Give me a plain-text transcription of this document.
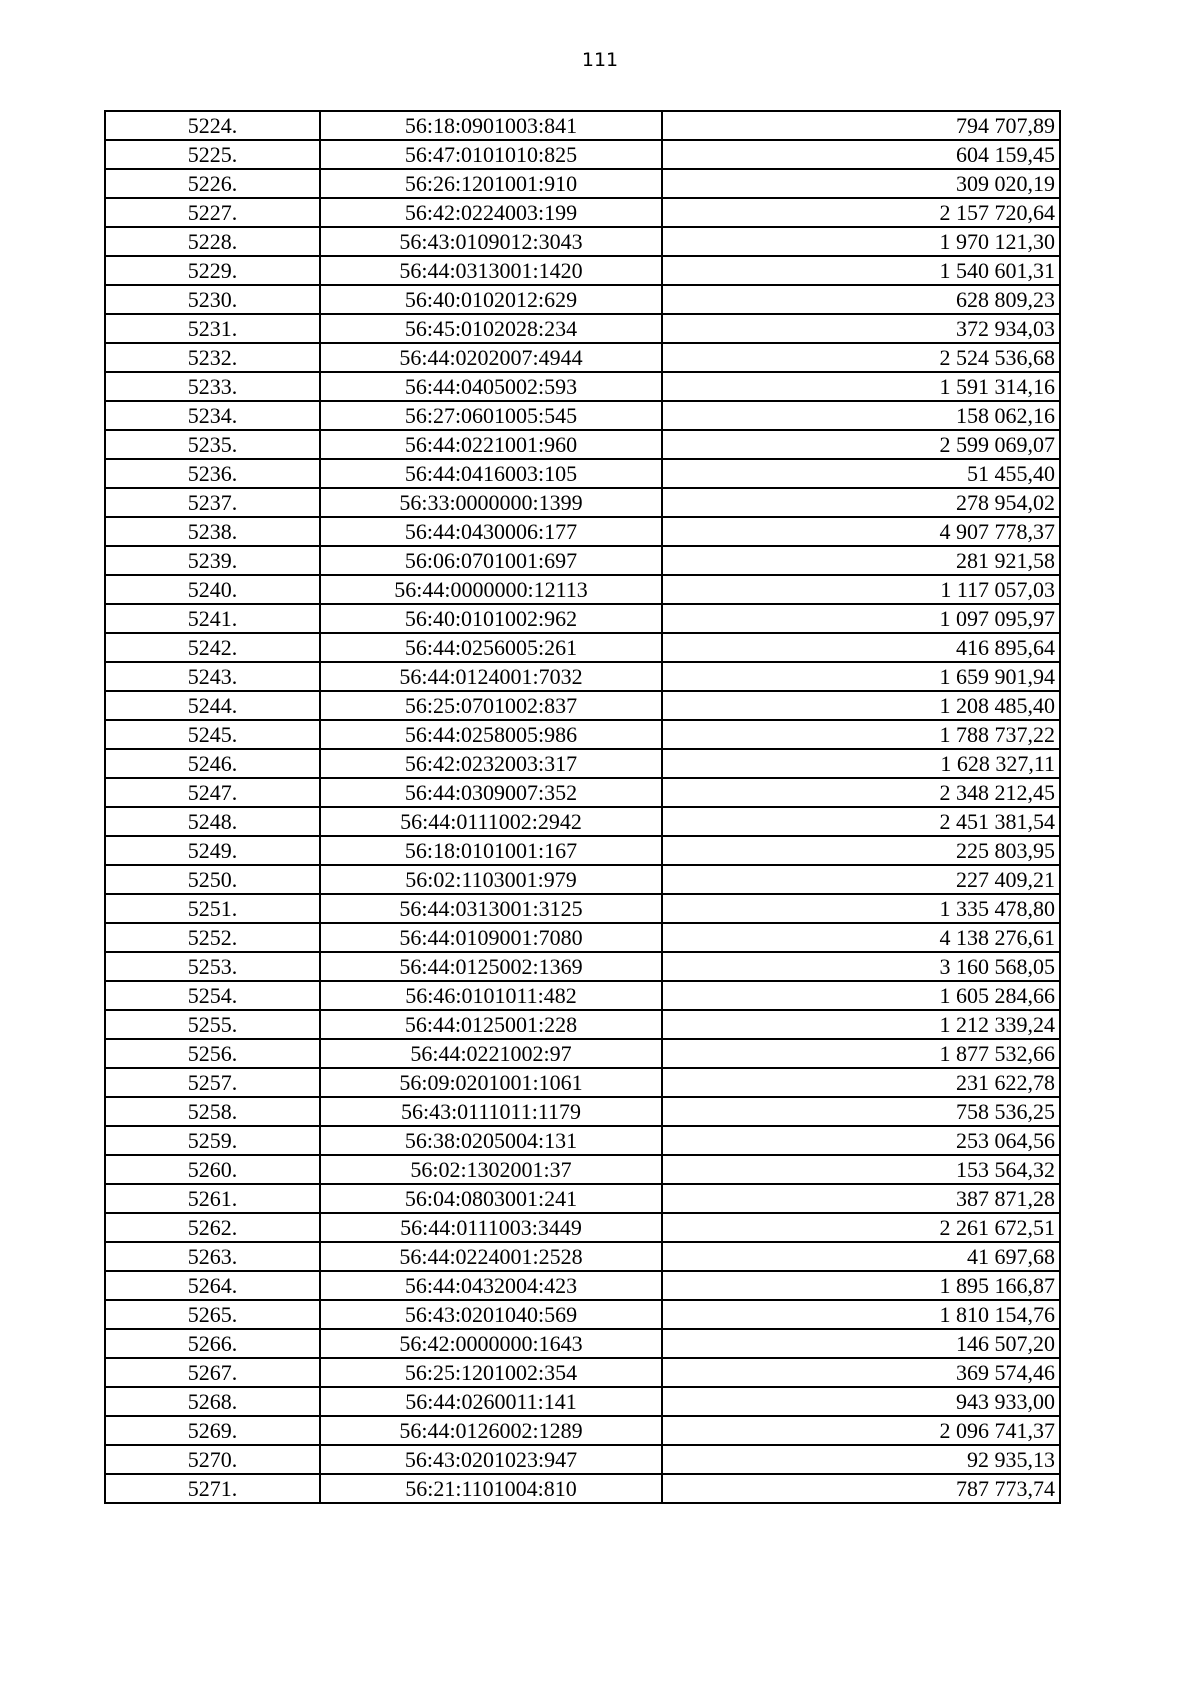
111
5224.	56:18:0901003:841	794 707,89
5225.	56:47:0101010:825	604 159,45
5226.	56:26:1201001:910	309 020,19
5227.	56:42:0224003:199	2 157 720,64
5228.	56:43:0109012:3043	1 970 121,30
5229.	56:44:0313001:1420	1 540 601,31
5230.	56:40:0102012:629	628 809,23
5231.	56:45:0102028:234	372 934,03
5232.	56:44:0202007:4944	2 524 536,68
5233.	56:44:0405002:593	1 591 314,16
5234.	56:27:0601005:545	158 062,16
5235.	56:44:0221001:960	2 599 069,07
5236.	56:44:0416003:105	51 455,40
5237.	56:33:0000000:1399	278 954,02
5238.	56:44:0430006:177	4 907 778,37
5239.	56:06:0701001:697	281 921,58
5240.	56:44:0000000:12113	1 117 057,03
5241.	56:40:0101002:962	1 097 095,97
5242.	56:44:0256005:261	416 895,64
5243.	56:44:0124001:7032	1 659 901,94
5244.	56:25:0701002:837	1 208 485,40
5245.	56:44:0258005:986	1 788 737,22
5246.	56:42:0232003:317	1 628 327,11
5247.	56:44:0309007:352	2 348 212,45
5248.	56:44:0111002:2942	2 451 381,54
5249.	56:18:0101001:167	225 803,95
5250.	56:02:1103001:979	227 409,21
5251.	56:44:0313001:3125	1 335 478,80
5252.	56:44:0109001:7080	4 138 276,61
5253.	56:44:0125002:1369	3 160 568,05
5254.	56:46:0101011:482	1 605 284,66
5255.	56:44:0125001:228	1 212 339,24
5256.	56:44:0221002:97	1 877 532,66
5257.	56:09:0201001:1061	231 622,78
5258.	56:43:0111011:1179	758 536,25
5259.	56:38:0205004:131	253 064,56
5260.	56:02:1302001:37	153 564,32
5261.	56:04:0803001:241	387 871,28
5262.	56:44:0111003:3449	2 261 672,51
5263.	56:44:0224001:2528	41 697,68
5264.	56:44:0432004:423	1 895 166,87
5265.	56:43:0201040:569	1 810 154,76
5266.	56:42:0000000:1643	146 507,20
5267.	56:25:1201002:354	369 574,46
5268.	56:44:0260011:141	943 933,00
5269.	56:44:0126002:1289	2 096 741,37
5270.	56:43:0201023:947	92 935,13
5271.	56:21:1101004:810	787 773,74
